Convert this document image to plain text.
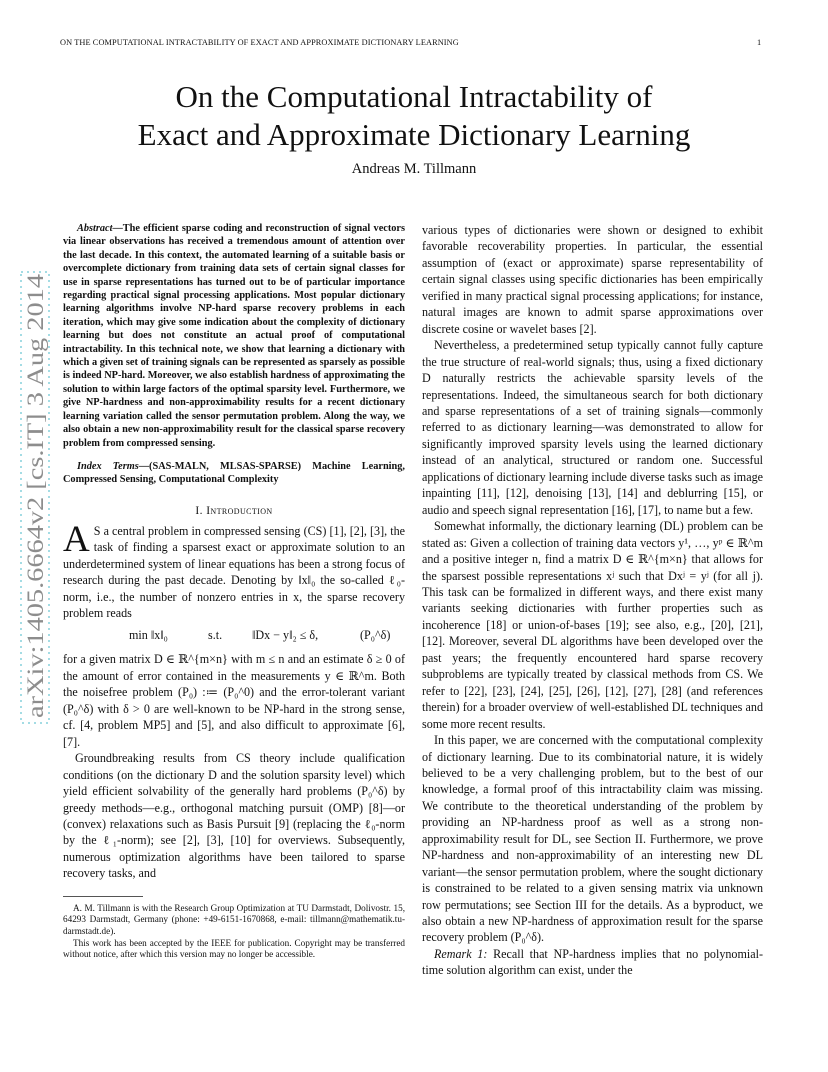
ON THE COMPUTATIONAL INTRACTABILITY OF EXACT AND APPROXIMATE DICTIONARY LEARNING	1
On the Computational Intractability of
Exact and Approximate Dictionary Learning
Andreas M. Tillmann
arXiv:1405.6664v2 [cs.IT] 3 Aug 2014

Abstract—The efficient sparse coding and reconstruction of signal vectors via linear observations has received a tremendous amount of attention over the last decade. In this context, the automated learning of a suitable basis or overcomplete dictionary from training data sets of certain signal classes for use in sparse representations has turned out to be of particular importance regarding practical signal processing applications. Most popular dictionary learning algorithms involve NP-hard sparse recovery problems in each iteration, which may give some indication about the complexity of dictionary learning but does not constitute an actual proof of computational intractability. In this technical note, we show that learning a dictionary with which a given set of training signals can be represented as sparsely as possible is indeed NP-hard. Moreover, we also establish hardness of approximating the solution to within large factors of the optimal sparsity level. Furthermore, we give NP-hardness and non-approximability results for a recent dictionary learning variation called the sensor permutation problem. Along the way, we also obtain a new non-approximability result for the classical sparse recovery problem from compressed sensing.

Index Terms—(SAS-MALN, MLSAS-SPARSE) Machine Learning, Compressed Sensing, Computational Complexity

I. Introduction

A S a central problem in compressed sensing (CS) [1], [2], [3], the task of finding a sparsest exact or approximate solution to an underdetermined system of linear equations has been a strong focus of research during the past decade. Denoting by ‖x‖₀ the so-called ℓ₀-norm, i.e., the number of nonzero entries in x, the sparse recovery problem reads

min ‖x‖₀	s.t. ‖Dx − y‖₂ ≤ δ,	(P₀^δ)

for a given matrix D ∈ ℝ^{m×n} with m ≤ n and an estimate δ ≥ 0 of the amount of error contained in the measurements y ∈ ℝ^m. Both the noisefree problem (P₀) :≔ (P₀^0) and the error-tolerant variant (P₀^δ) with δ > 0 are well-known to be NP-hard in the strong sense, cf. [4, problem MP5] and [5], and also difficult to approximate [6], [7].

Groundbreaking results from CS theory include qualification conditions (on the dictionary D and the solution sparsity level) which yield efficient solvability of the generally hard problems (P₀^δ) by greedy methods—e.g., orthogonal matching pursuit (OMP) [8]—or (convex) relaxations such as Basis Pursuit [9] (replacing the ℓ₀-norm by the ℓ₁-norm); see [2], [3], [10] for overviews. Subsequently, numerous optimization algorithms have been tailored to sparse recovery tasks, and

A. M. Tillmann is with the Research Group Optimization at TU Darmstadt, Dolivostr. 15, 64293 Darmstadt, Germany (phone: +49-6151-1670868, e-mail: tillmann@mathematik.tu-darmstadt.de).

This work has been accepted by the IEEE for publication. Copyright may be transferred without notice, after which this version may no longer be accessible.

various types of dictionaries were shown or designed to exhibit favorable recoverability properties. In particular, the essential assumption of (exact or approximate) sparse representability of certain signal classes using specific dictionaries has been empirically verified in many practical signal processing applications; for instance, natural images are known to admit sparse approximations over discrete cosine or wavelet bases [2].

Nevertheless, a predetermined setup typically cannot fully capture the true structure of real-world signals; thus, using a fixed dictionary D naturally restricts the achievable sparsity levels of the representations. Indeed, the simultaneous search for both dictionary and sparse representations of a set of training signals—commonly referred to as dictionary learning—was demonstrated to allow for significantly improved sparsity levels using the learned dictionary instead of an analytical, structured or random one. Successful applications of dictionary learning include diverse tasks such as image inpainting [11], [12], denoising [13], [14] and deblurring [15], or audio and speech signal representation [16], [17], to name but a few.

Somewhat informally, the dictionary learning (DL) problem can be stated as: Given a collection of training data vectors y¹, …, yᵖ ∈ ℝ^m and a positive integer n, find a matrix D ∈ ℝ^{m×n} that allows for the sparsest possible representations xʲ such that Dxʲ = yʲ (for all j). This task can be formalized in different ways, and there exist many variants seeking dictionaries with further properties such as incoherence [18] or union-of-bases [19]; see also, e.g., [20], [21], [12]. Moreover, several DL algorithms have been developed over the past years; the frequently encountered hard sparse recovery subproblems are typically treated by classical methods from CS. We refer to [22], [23], [24], [25], [26], [12], [27], [28] (and references therein) for a broader overview of well-established DL techniques and some more recent results.

In this paper, we are concerned with the computational complexity of dictionary learning. Due to its combinatorial nature, it is widely believed to be a very challenging problem, but to the best of our knowledge, a formal proof of this intractability claim was missing. We contribute to the theoretical understanding of the problem by providing an NP-hardness proof as well as a strong non-approximability result for DL, see Section II. Furthermore, we prove NP-hardness and non-approximability of an interesting new DL variant—the sensor permutation problem, where the sought dictionary is constrained to be related to a given sensing matrix via unknown row permutations; see Section III for the details. As a byproduct, we also obtain a new NP-hardness of approximation result for the sparse recovery problem (P₀^δ).

Remark 1: Recall that NP-hardness implies that no polynomial-time solution algorithm can exist, under the
